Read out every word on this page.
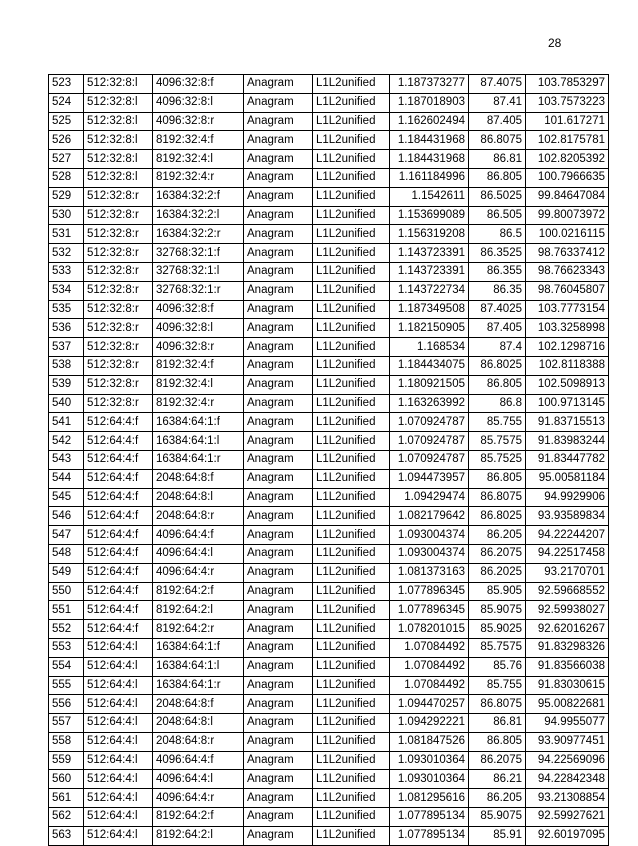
28
523	512:32:8:l	4096:32:8:f	Anagram	L1L2unified	1.187373277	87.4075	103.7853297
524	512:32:8:l	4096:32:8:l	Anagram	L1L2unified	1.187018903	87.41	103.7573223
525	512:32:8:l	4096:32:8:r	Anagram	L1L2unified	1.162602494	87.405	101.617271
526	512:32:8:l	8192:32:4:f	Anagram	L1L2unified	1.184431968	86.8075	102.8175781
527	512:32:8:l	8192:32:4:l	Anagram	L1L2unified	1.184431968	86.81	102.8205392
528	512:32:8:l	8192:32:4:r	Anagram	L1L2unified	1.161184996	86.805	100.7966635
529	512:32:8:r	16384:32:2:f	Anagram	L1L2unified	1.1542611	86.5025	99.84647084
530	512:32:8:r	16384:32:2:l	Anagram	L1L2unified	1.153699089	86.505	99.80073972
531	512:32:8:r	16384:32:2:r	Anagram	L1L2unified	1.156319208	86.5	100.0216115
532	512:32:8:r	32768:32:1:f	Anagram	L1L2unified	1.143723391	86.3525	98.76337412
533	512:32:8:r	32768:32:1:l	Anagram	L1L2unified	1.143723391	86.355	98.76623343
534	512:32:8:r	32768:32:1:r	Anagram	L1L2unified	1.143722734	86.35	98.76045807
535	512:32:8:r	4096:32:8:f	Anagram	L1L2unified	1.187349508	87.4025	103.7773154
536	512:32:8:r	4096:32:8:l	Anagram	L1L2unified	1.182150905	87.405	103.3258998
537	512:32:8:r	4096:32:8:r	Anagram	L1L2unified	1.168534	87.4	102.1298716
538	512:32:8:r	8192:32:4:f	Anagram	L1L2unified	1.184434075	86.8025	102.8118388
539	512:32:8:r	8192:32:4:l	Anagram	L1L2unified	1.180921505	86.805	102.5098913
540	512:32:8:r	8192:32:4:r	Anagram	L1L2unified	1.163263992	86.8	100.9713145
541	512:64:4:f	16384:64:1:f	Anagram	L1L2unified	1.070924787	85.755	91.83715513
542	512:64:4:f	16384:64:1:l	Anagram	L1L2unified	1.070924787	85.7575	91.83983244
543	512:64:4:f	16384:64:1:r	Anagram	L1L2unified	1.070924787	85.7525	91.83447782
544	512:64:4:f	2048:64:8:f	Anagram	L1L2unified	1.094473957	86.805	95.00581184
545	512:64:4:f	2048:64:8:l	Anagram	L1L2unified	1.09429474	86.8075	94.9929906
546	512:64:4:f	2048:64:8:r	Anagram	L1L2unified	1.082179642	86.8025	93.93589834
547	512:64:4:f	4096:64:4:f	Anagram	L1L2unified	1.093004374	86.205	94.22244207
548	512:64:4:f	4096:64:4:l	Anagram	L1L2unified	1.093004374	86.2075	94.22517458
549	512:64:4:f	4096:64:4:r	Anagram	L1L2unified	1.081373163	86.2025	93.2170701
550	512:64:4:f	8192:64:2:f	Anagram	L1L2unified	1.077896345	85.905	92.59668552
551	512:64:4:f	8192:64:2:l	Anagram	L1L2unified	1.077896345	85.9075	92.59938027
552	512:64:4:f	8192:64:2:r	Anagram	L1L2unified	1.078201015	85.9025	92.62016267
553	512:64:4:l	16384:64:1:f	Anagram	L1L2unified	1.07084492	85.7575	91.83298326
554	512:64:4:l	16384:64:1:l	Anagram	L1L2unified	1.07084492	85.76	91.83566038
555	512:64:4:l	16384:64:1:r	Anagram	L1L2unified	1.07084492	85.755	91.83030615
556	512:64:4:l	2048:64:8:f	Anagram	L1L2unified	1.094470257	86.8075	95.00822681
557	512:64:4:l	2048:64:8:l	Anagram	L1L2unified	1.094292221	86.81	94.9955077
558	512:64:4:l	2048:64:8:r	Anagram	L1L2unified	1.081847526	86.805	93.90977451
559	512:64:4:l	4096:64:4:f	Anagram	L1L2unified	1.093010364	86.2075	94.22569096
560	512:64:4:l	4096:64:4:l	Anagram	L1L2unified	1.093010364	86.21	94.22842348
561	512:64:4:l	4096:64:4:r	Anagram	L1L2unified	1.081295616	86.205	93.21308854
562	512:64:4:l	8192:64:2:f	Anagram	L1L2unified	1.077895134	85.9075	92.59927621
563	512:64:4:l	8192:64:2:l	Anagram	L1L2unified	1.077895134	85.91	92.60197095
